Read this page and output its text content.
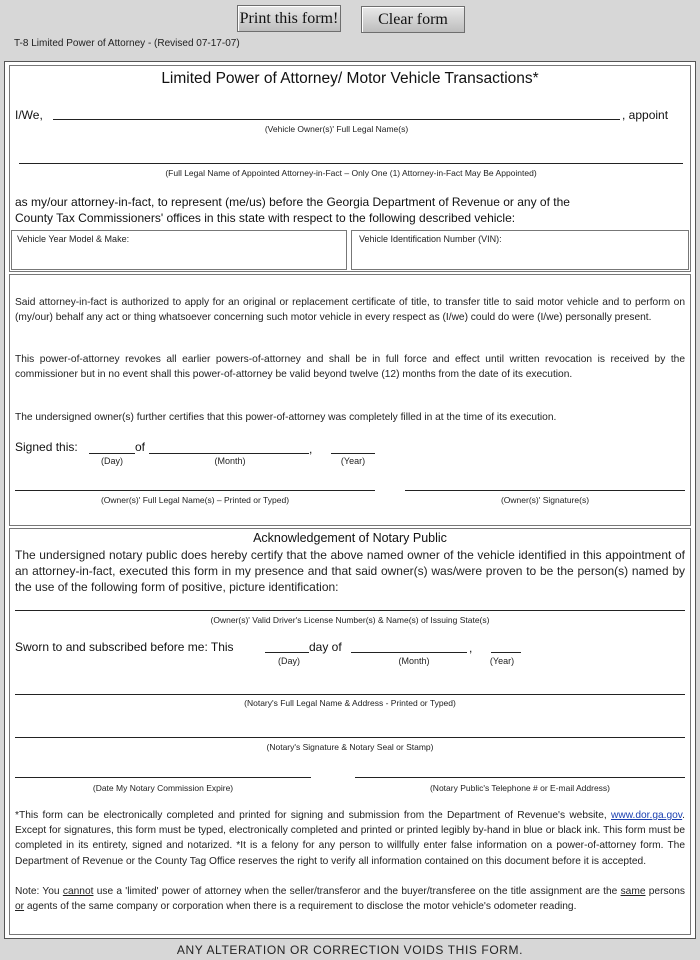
Print this form!	Clear form
T-8 Limited Power of Attorney - (Revised 07-17-07)
Limited Power of Attorney/ Motor Vehicle Transactions*
I/We,	, appoint
(Vehicle Owner(s)' Full Legal Name(s)
(Full Legal Name of Appointed Attorney-in-Fact – Only One (1) Attorney-in-Fact May Be Appointed)
as my/our attorney-in-fact, to represent (me/us) before the Georgia Department of Revenue or any of the
County Tax Commissioners' offices in this state with respect to the following described vehicle:
Vehicle Year Model & Make:	Vehicle Identification Number (VIN):
Said attorney-in-fact is authorized to apply for an original or replacement certificate of title, to transfer title to said motor vehicle and to perform on (my/our) behalf any act or thing whatsoever concerning such motor vehicle in every respect as (I/we) could do were (I/we) personally present.
This power-of-attorney revokes all earlier powers-of-attorney and shall be in full force and effect until written revocation is received by the commissioner but in no event shall this power-of-attorney be valid beyond twelve (12) months from the date of its execution.
The undersigned owner(s) further certifies that this power-of-attorney was completely filled in at the time of its execution.
Signed this:	of	,
(Day)	(Month)	(Year)
(Owner(s)' Full Legal Name(s) – Printed or Typed)	(Owner(s)' Signature(s)
Acknowledgement of Notary Public
The undersigned notary public does hereby certify that the above named owner of the vehicle identified in this appointment of an attorney-in-fact, executed this form in my presence and that said owner(s) was/were proven to be the person(s) named by the use of the following form of positive, picture identification:
(Owner(s)' Valid Driver's License Number(s) & Name(s) of Issuing State(s)
Sworn to and subscribed before me: This	day of	,
(Day)	(Month)	(Year)
(Notary's Full Legal Name & Address - Printed or Typed)
(Notary's Signature & Notary Seal or Stamp)
(Date My Notary Commission Expire)	(Notary Public's Telephone # or E-mail Address)
*This form can be electronically completed and printed for signing and submission from the Department of Revenue's website, www.dor.ga.gov. Except for signatures, this form must be typed, electronically completed and printed or printed legibly by-hand in blue or black ink. This form must be completed in its entirety, signed and notarized. *It is a felony for any person to willfully enter false information on a power-of-attorney form. The Department of Revenue or the County Tag Office reserves the right to verify all information contained on this document before it is accepted.
Note: You cannot use a 'limited' power of attorney when the seller/transferor and the buyer/transferee on the title assignment are the same persons or agents of the same company or corporation when there is a requirement to disclose the motor vehicle's odometer reading.
ANY ALTERATION OR CORRECTION VOIDS THIS FORM.
